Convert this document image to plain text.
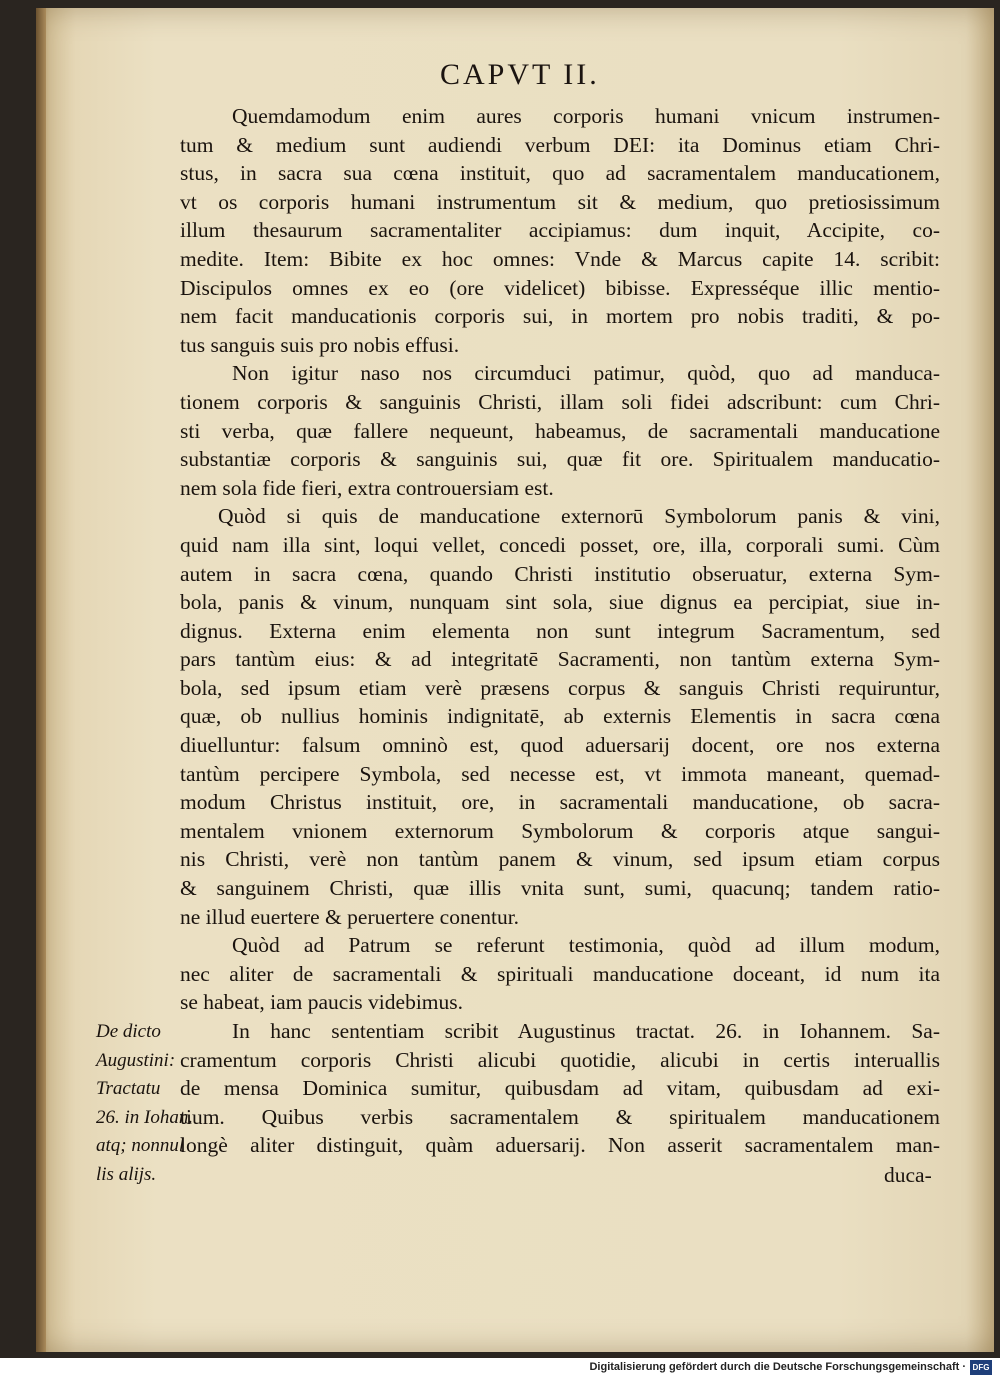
CAPVT II.
Quemdamodum enim aures corporis humani vnicum instrumen-
tum & medium sunt audiendi verbum DEI: ita Dominus etiam Chri-
stus, in sacra sua cœna instituit, quo ad sacramentalem manducationem,
vt os corporis humani instrumentum sit & medium, quo pretiosissimum
illum thesaurum sacramentaliter accipiamus: dum inquit, Accipite, co-
medite. Item: Bibite ex hoc omnes: Vnde & Marcus capite 14. scribit:
Discipulos omnes ex eo (ore videlicet) bibisse. Expresséque illic mentio-
nem facit manducationis corporis sui, in mortem pro nobis traditi, & po-
tus sanguis suis pro nobis effusi.
Non igitur naso nos circumduci patimur, quòd, quo ad manduca-
tionem corporis & sanguinis Christi, illam soli fidei adscribunt: cum Chri-
sti verba, quæ fallere nequeunt, habeamus, de sacramentali manducatione
substantiæ corporis & sanguinis sui, quæ fit ore. Spiritualem manducatio-
nem sola fide fieri, extra controuersiam est.
Quòd si quis de manducatione externorū Symbolorum panis & vini,
quid nam illa sint, loqui vellet, concedi posset, ore, illa, corporali sumi. Cùm
autem in sacra cœna, quando Christi institutio obseruatur, externa Sym-
bola, panis & vinum, nunquam sint sola, siue dignus ea percipiat, siue in-
dignus. Externa enim elementa non sunt integrum Sacramentum, sed
pars tantùm eius: & ad integritatē Sacramenti, non tantùm externa Sym-
bola, sed ipsum etiam verè præsens corpus & sanguis Christi requiruntur,
quæ, ob nullius hominis indignitatē, ab externis Elementis in sacra cœna
diuelluntur: falsum omninò est, quod aduersarij docent, ore nos externa
tantùm percipere Symbola, sed necesse est, vt immota maneant, quemad-
modum Christus instituit, ore, in sacramentali manducatione, ob sacra-
mentalem vnionem externorum Symbolorum & corporis atque sangui-
nis Christi, verè non tantùm panem & vinum, sed ipsum etiam corpus
& sanguinem Christi, quæ illis vnita sunt, sumi, quacunq; tandem ratio-
ne illud euertere & peruertere conentur.
Quòd ad Patrum se referunt testimonia, quòd ad illum modum,
nec aliter de sacramentali & spirituali manducatione doceant, id num ita
se habeat, iam paucis videbimus.
In hanc sententiam scribit Augustinus tractat. 26. in Iohannem. Sa-
cramentum corporis Christi alicubi quotidie, alicubi in certis interuallis
de mensa Dominica sumitur, quibusdam ad vitam, quibusdam ad exi-
tium. Quibus verbis sacramentalem & spiritualem manducationem
longè aliter distinguit, quàm aduersarij. Non asserit sacramentalem man-
De dicto
Augustini:
Tractatu
26. in Iohan.
atq; nonnul
lis alijs.	duca-
Digitalisierung gefördert durch die Deutsche Forschungsgemeinschaft · DFG
